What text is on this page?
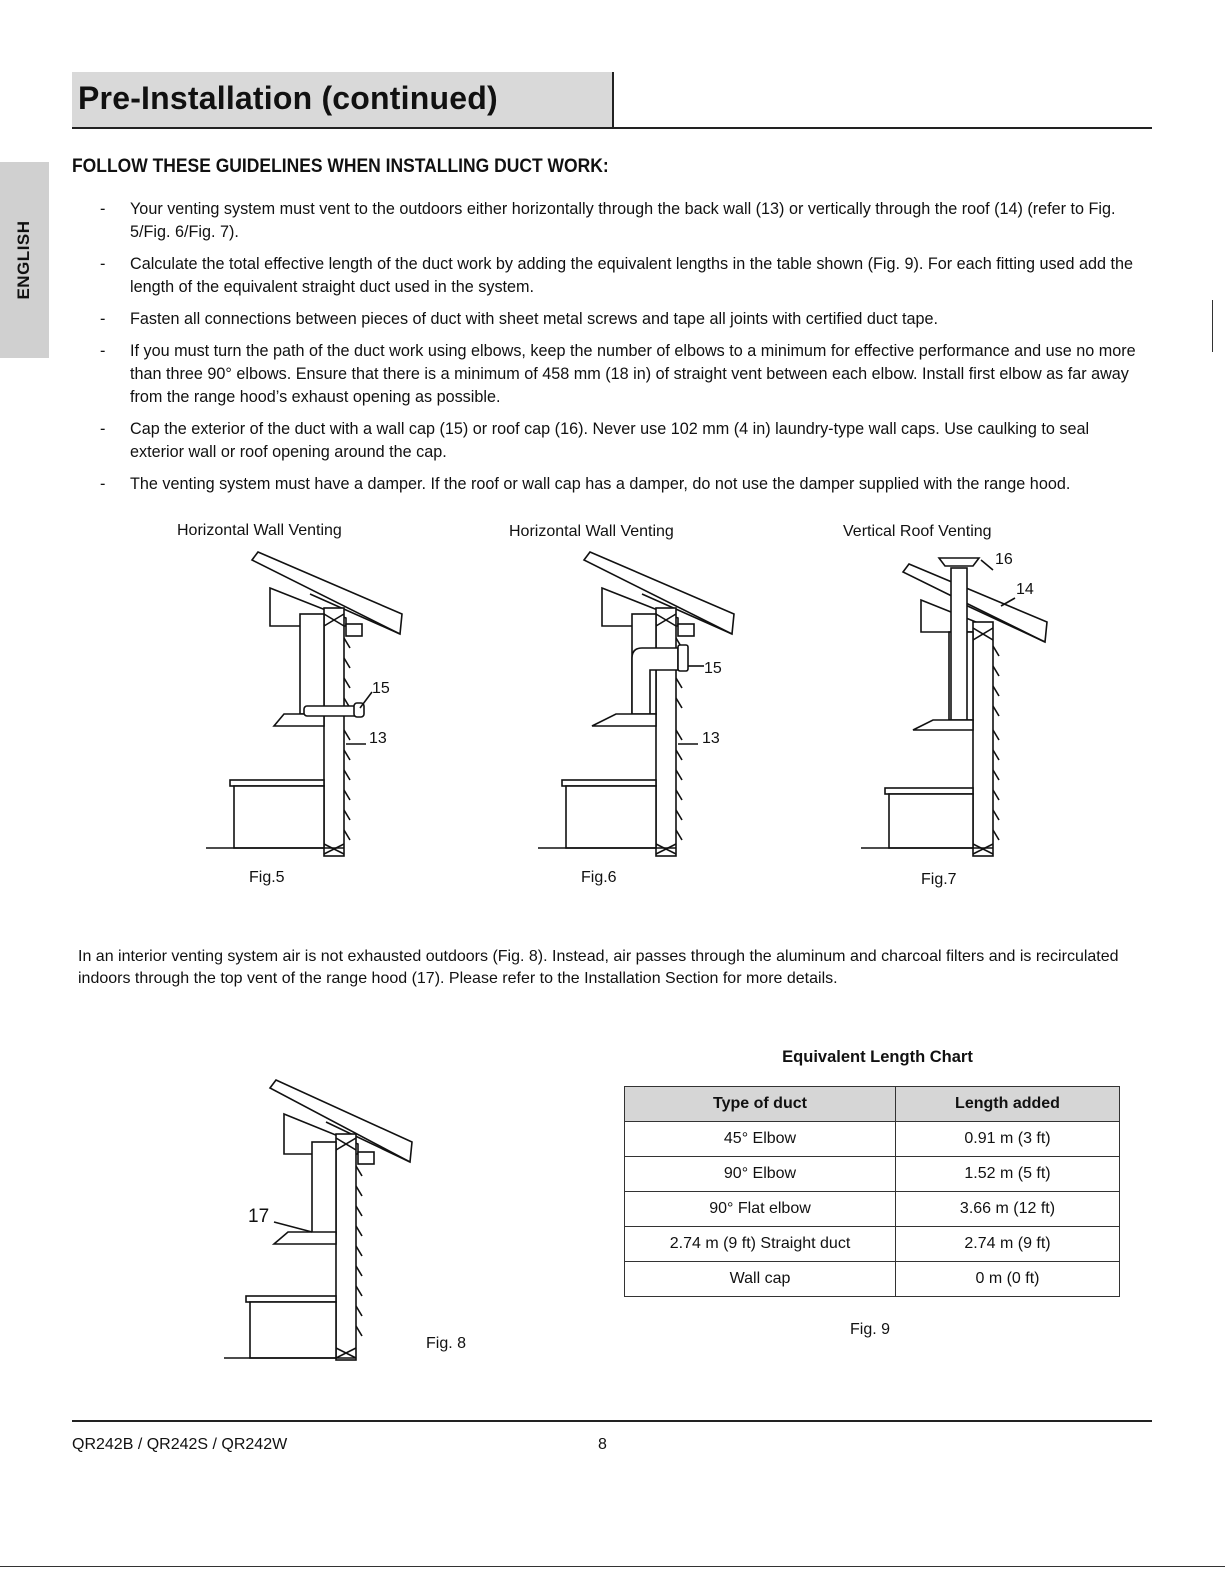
Pre-Installation (continued)
ENGLISH
FOLLOW THESE GUIDELINES WHEN INSTALLING DUCT WORK:
- Your venting system must vent to the outdoors either horizontally through the back wall (13) or vertically through the roof (14) (refer to Fig. 5/Fig. 6/Fig. 7).
- Calculate the total effective length of the duct work by adding the equivalent lengths in the table shown (Fig. 9). For each fitting used add the length of the equivalent straight duct used in the system.
- Fasten all connections between pieces of duct with sheet metal screws and tape all joints with certified duct tape.
- If you must turn the path of the duct work using elbows, keep the number of elbows to a minimum for effective performance and use no more than three 90° elbows. Ensure that there is a minimum of 458 mm (18 in) of straight vent between each elbow. Install first elbow as far away from the range hood’s exhaust opening as possible.
- Cap the exterior of the duct with a wall cap (15) or roof cap (16). Never use 102 mm (4 in) laundry-type wall caps. Use caulking to seal exterior wall or roof opening around the cap.
- The venting system must have a damper. If the roof or wall cap has a damper, do not use the damper supplied with the range hood.
Horizontal Wall Venting	Horizontal Wall Venting	Vertical Roof Venting
15
13
Fig.5
15
13
Fig.6
16
14
Fig.7
In an interior venting system air is not exhausted outdoors (Fig. 8). Instead, air passes through the aluminum and charcoal filters and is recirculated indoors through the top vent of the range hood (17). Please refer to the Installation Section for more details.
17
Fig. 8
Equivalent Length Chart
Type of duct	Length added
45° Elbow	0.91 m (3 ft)
90° Elbow	1.52 m (5 ft)
90° Flat elbow	3.66 m (12 ft)
2.74 m (9 ft) Straight duct	2.74 m (9 ft)
Wall cap	0 m (0 ft)
Fig. 9
QR242B / QR242S / QR242W	8
